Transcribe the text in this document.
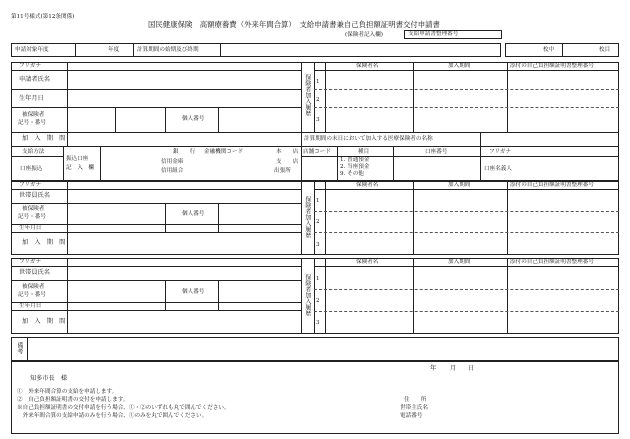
第11号様式(第12条関係)
国民健康保険　高額療養費（外来年間合算）　支給申請書兼自己負担額証明書交付申請書
(保険者記入欄)	支給申請書整理番号
申請対象年度	年度	計算期間の始期及び終期	枚中	枚目
フリガナ
申請者氏名
生年月日
被保険者
記号・番号
個人番号
保険者加入履歴 1
2
3
保険者名	加入期間	添付の自己負担額証明書整理番号
加　入　期　間	計算期間の末日において加入する医療保険者の名称
支給方法
口座振込
振込口座
記　入　欄
銀　　行
信用金庫
信用組合
金融機関コード	本　　店
支　　店
出張所
店舗コード	種目
1. 普通預金
2. 当座預金
9. その他
口座番号	フリガナ
口座名義人
フリガナ
世帯員氏名
被保険者
記号・番号	個人番号
生年月日
加　入　期　間
保険者加入履歴 1
2
3
保険者名	加入期間	添付の自己負担額証明書整理番号
フリガナ
世帯員氏名
被保険者
記号・番号	個人番号
生年月日
加　入　期　間
保険者加入履歴 1
2
3
保険者名	加入期間	添付の自己負担額証明書整理番号
備考
年 月 日
知多市長　様
①　外来年間合算の支給を申請します。
②　自己負担額証明書の交付を申請します。
※自己負担額証明書の交付申請を行う場合、①・②のいずれも丸で囲んでください。
　外来年間合算の支給申請のみを行う場合、①のみを丸で囲んでください。
住　　所
世帯主氏名
電話番号
